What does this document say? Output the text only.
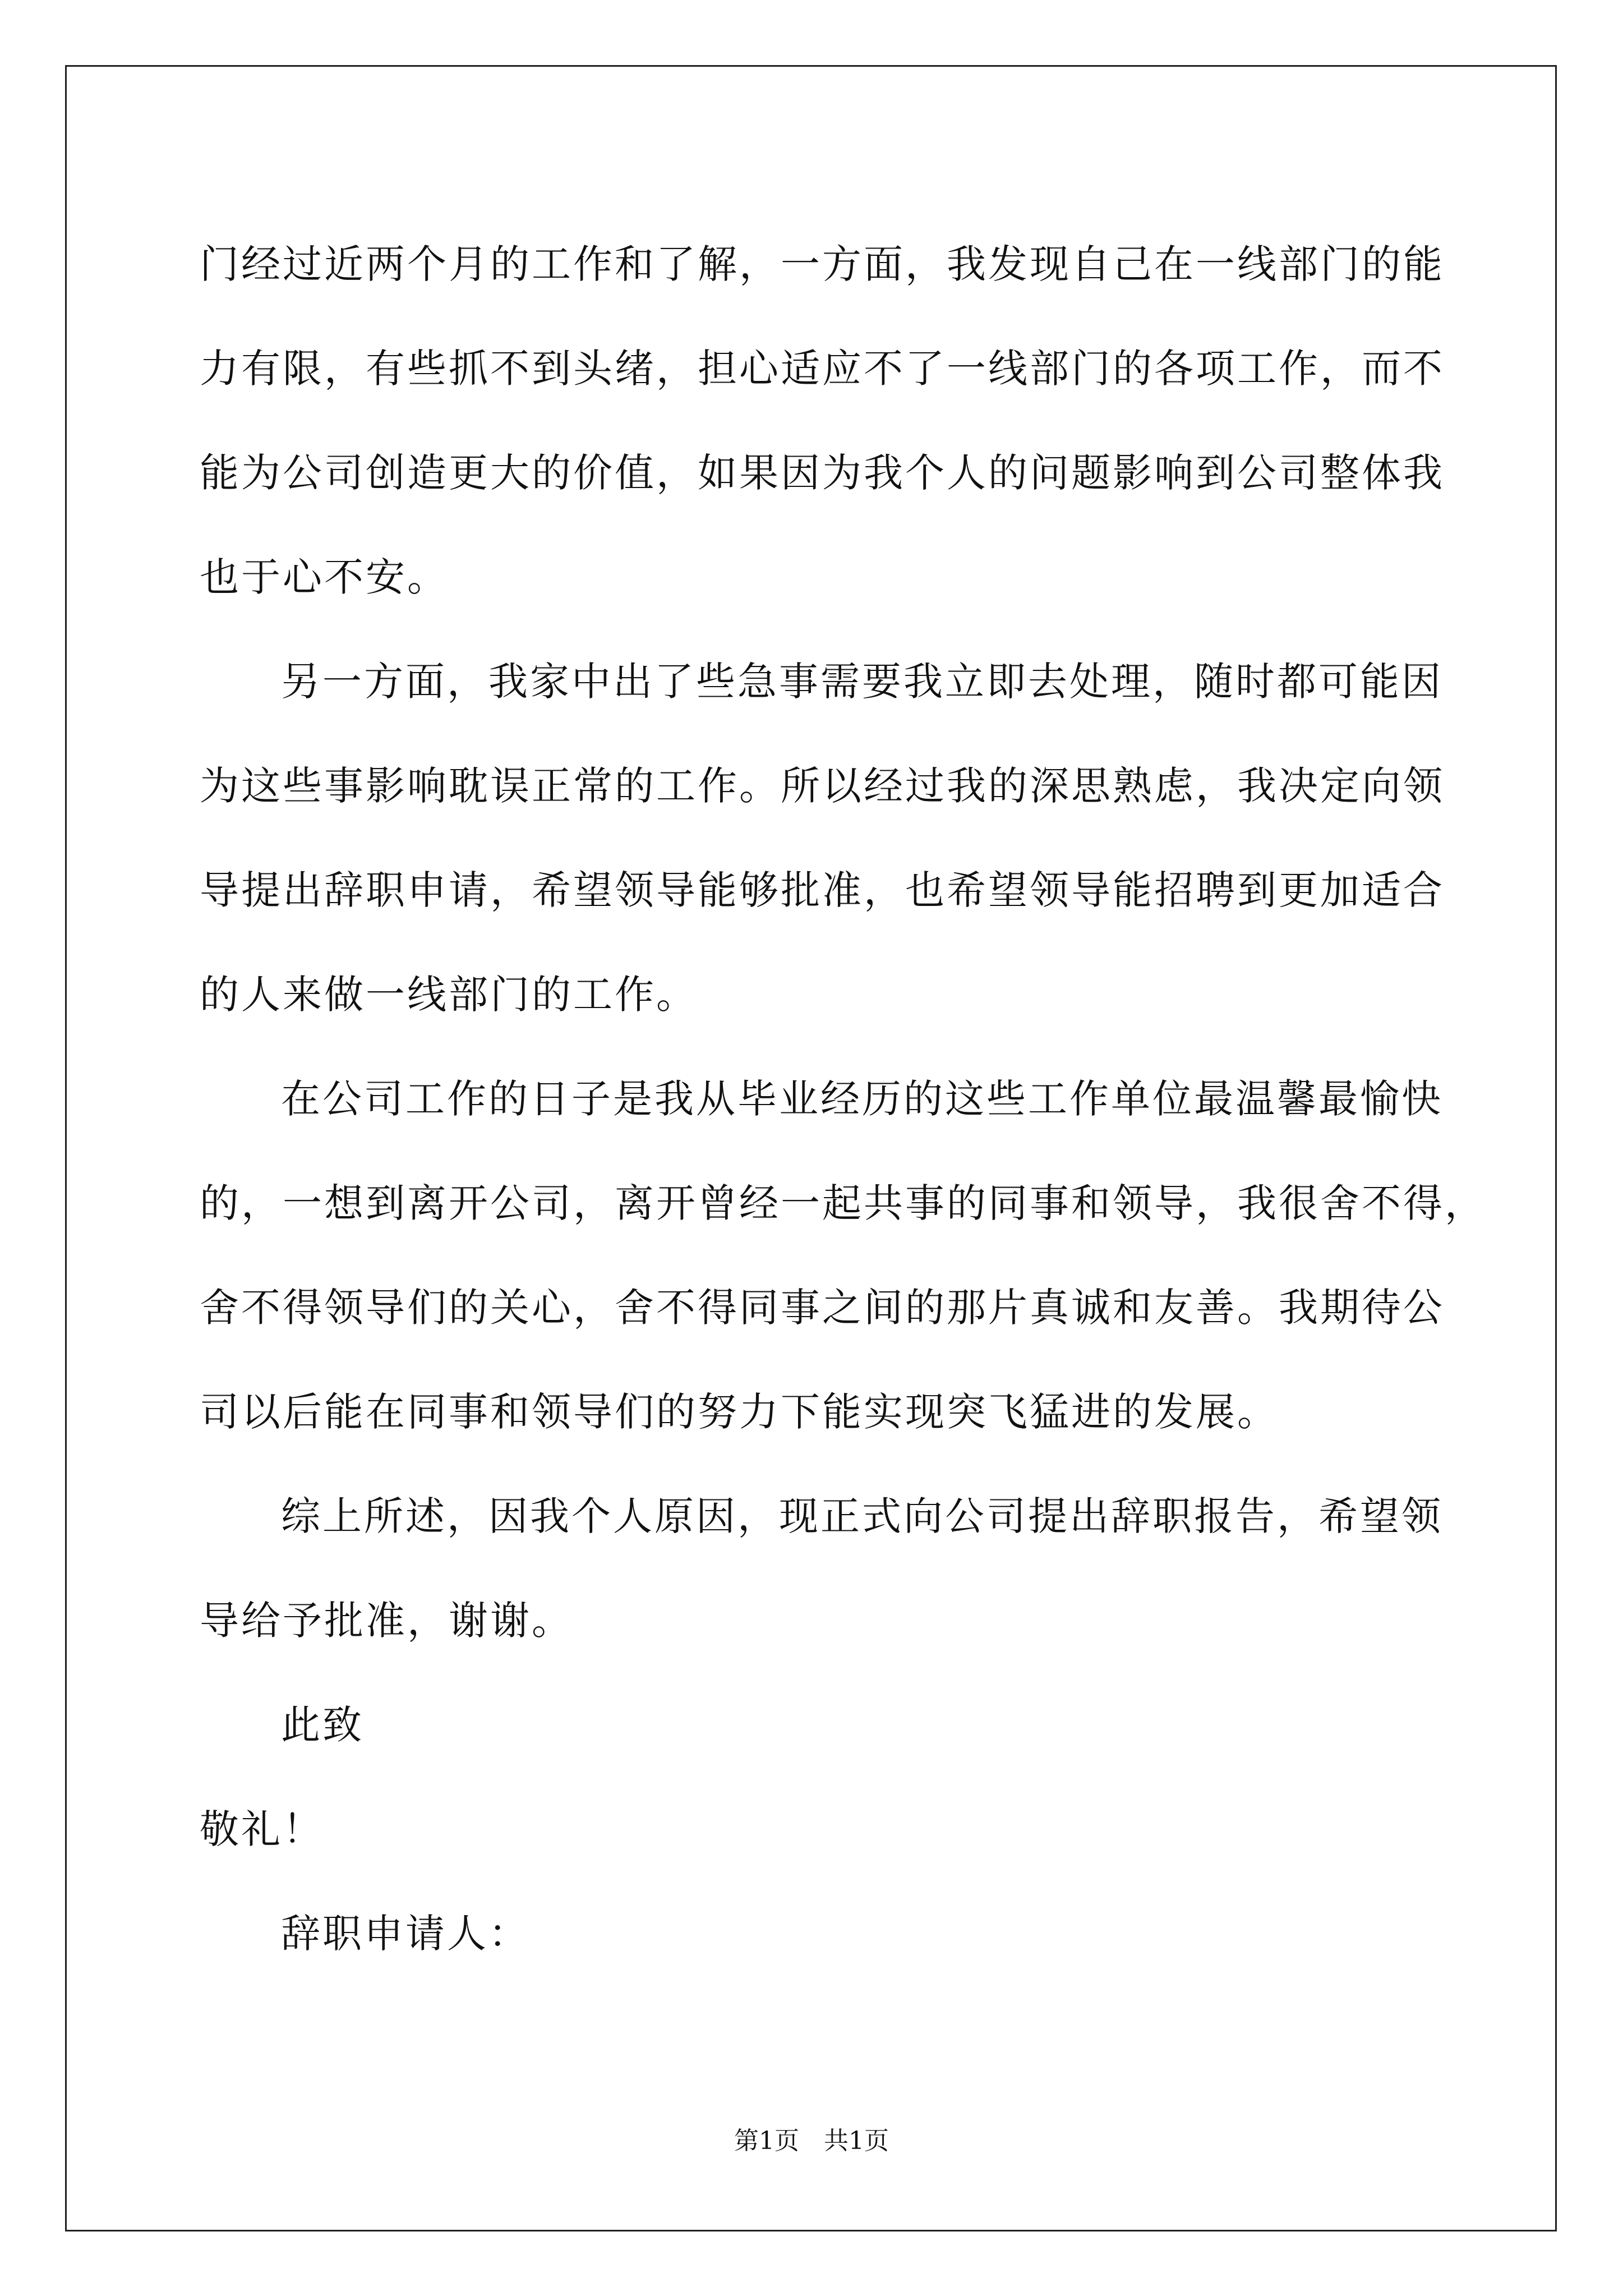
门经过近两个月的工作和了解，一方面，我发现自己在一线部门的能
力有限，有些抓不到头绪，担心适应不了一线部门的各项工作，而不
能为公司创造更大的价值，如果因为我个人的问题影响到公司整体我
也于心不安。
另一方面，我家中出了些急事需要我立即去处理，随时都可能因
为这些事影响耽误正常的工作。所以经过我的深思熟虑，我决定向领
导提出辞职申请，希望领导能够批准，也希望领导能招聘到更加适合
的人来做一线部门的工作。
在公司工作的日子是我从毕业经历的这些工作单位最温馨最愉快
的，一想到离开公司，离开曾经一起共事的同事和领导，我很舍不得，
舍不得领导们的关心，舍不得同事之间的那片真诚和友善。我期待公
司以后能在同事和领导们的努力下能实现突飞猛进的发展。
综上所述，因我个人原因，现正式向公司提出辞职报告，希望领
导给予批准，谢谢。
此致
敬礼！
辞职申请人：
第1页　共1页
